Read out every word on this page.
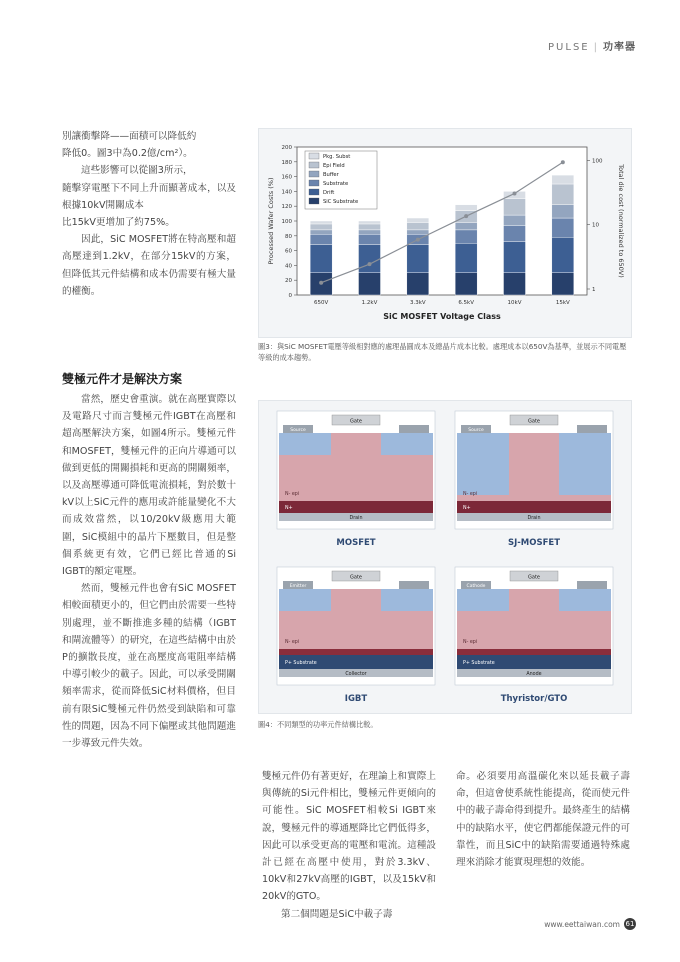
PULSE | 功率器

別讓衝擊降——面積可以降低約

降低0。圖3中為0.2億/cm²）。

這些影響可以從圖3所示，

隨擊穿電壓下不同上升而顯著成本，以及根據10kV開關成本

比15kV更增加了約75%。

因此，SiC MOSFET將在特高壓和超高壓達到1.2kV，在部分15kV的方案，但降低其元件結構和成本仍需要有極大量的權衡。

雙極元件才是解決方案

當然，歷史會重演。就在高壓實際以及電路尺寸而言雙極元件IGBT在高壓和超高壓解決方案，如圖4所示。雙極元件和MOSFET，雙極元件的正向片導通可以做到更低的開關損耗和更高的開關頻率，以及高壓導通可降低電流損耗，對於數十kV以上SiC元件的應用或許能量變化不大而成效當然，以10/20kV級應用大範圍，SiC模組中的晶片下壓數目，但是整個系統更有效，它們已經比普通的Si IGBT的額定電壓。

然而，雙極元件也會有SiC MOSFET相較面積更小的，但它們由於需要一些特別處理，並不斷推進多種的結構（IGBT和閘流體等）的研究，在這些結構中由於P的擴散長度，並在高壓度高電阻率結構中導引較少的載子。因此，可以承受開關頻率需求，從而降低SiC材料價格，但目前有限SiC雙極元件仍然受到缺陷和可靠性的問題，因為不同下偏壓或其他問題進一步導致元件失效。

0
20
40
60
80
100
120
140
160
180
200
1
10
100
Processed Wafer Costs (%)	Total die cost (normalized to 650V)
SiC MOSFET Voltage Class
650V	1.2kV	3.3kV	6.5kV	10kV	15kV
Pkg. Subst
Epi Field
Buffer
Substrate
Drift
SiC Substrate
圖3：與SiC MOSFET電壓等級相對應的處理晶圓成本及總晶片成本比較。處理成本以650V為基準，並展示不同電壓等級的成本趨勢。
Gate
Source
N- epi
N+
Drain
MOSFET
Gate
Source
N- epi
N+
Drain
SJ-MOSFET
Gate
Emitter
N- epi
P+ Substrate
Collector
IGBT
Gate
Cathode
N- epi
P+ Substrate
Anode
Thyristor/GTO
圖4：不同類型的功率元件結構比較。

雙極元件仍有著更好，在理論上和實際上與傳統的Si元件相比，雙極元件更傾向的可能性。SiC MOSFET相較Si IGBT來說，雙極元件的導通壓降比它們低得多，因此可以承受更高的電壓和電流。這種設計已經在高壓中使用，對於3.3kV、10kV和27kV高壓的IGBT，以及15kV和20kV的GTO。

第二個問題是SiC中載子壽

命。必須要用高溫碳化來以延長載子壽命，但這會使系統性能提高，從而使元件中的載子壽命得到提升。最終產生的結構中的缺陷水平，使它們都能保證元件的可靠性，而且SiC中的缺陷需要通過特殊處理來消除才能實現理想的效能。

www.eettaiwan.com 61
